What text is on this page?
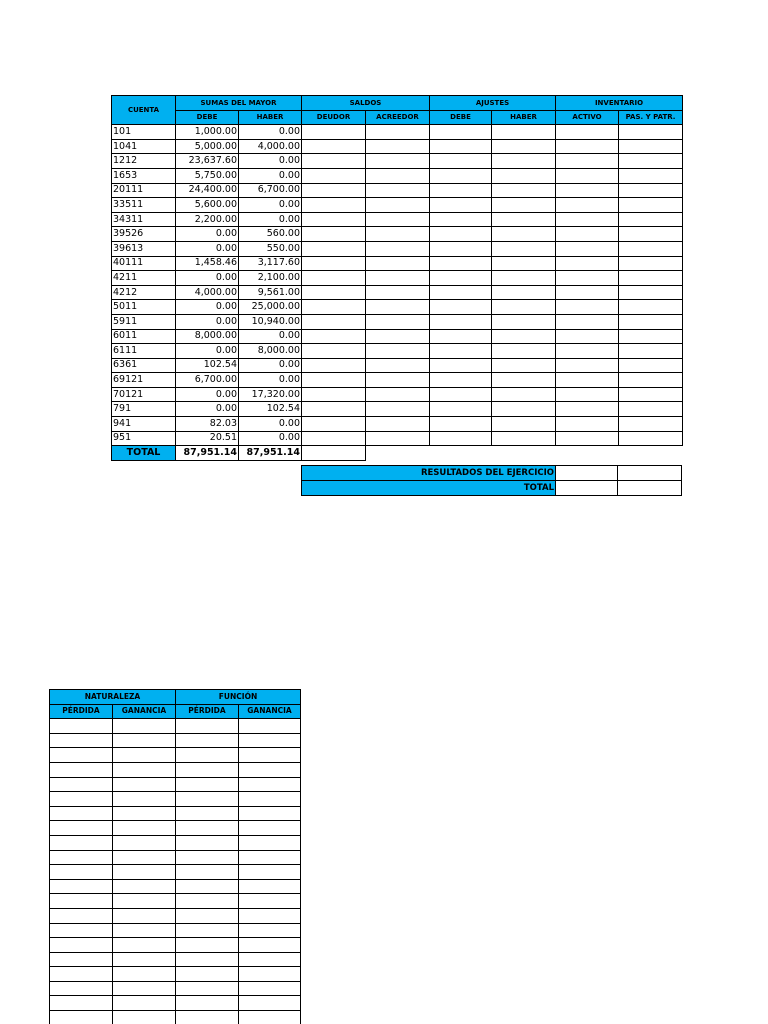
CUENTA	SUMAS DEL MAYOR		SALDOS		AJUSTES		INVENTARIO	
	DEBE	HABER	DEUDOR	ACREEDOR	DEBE	HABER	ACTIVO	PAS. Y PATR.
101	1,000.00	0.00						
1041	5,000.00	4,000.00						
1212	23,637.60	0.00						
1653	5,750.00	0.00						
20111	24,400.00	6,700.00						
33511	5,600.00	0.00						
34311	2,200.00	0.00						
39526	0.00	560.00						
39613	0.00	550.00						
40111	1,458.46	3,117.60						
4211	0.00	2,100.00						
4212	4,000.00	9,561.00						
5011	0.00	25,000.00						
5911	0.00	10,940.00						
6011	8,000.00	0.00						
6111	0.00	8,000.00						
6361	102.54	0.00						
69121	6,700.00	0.00						
70121	0.00	17,320.00						
791	0.00	102.54						
941	82.03	0.00						
951	20.51	0.00						
TOTAL	87,951.14	87,951.14						
RESULTADOS DEL EJERCICIO		
TOTAL		
NATURALEZA		FUNCIÓN	
PÉRDIDA	GANANCIA	PÉRDIDA	GANANCIA
